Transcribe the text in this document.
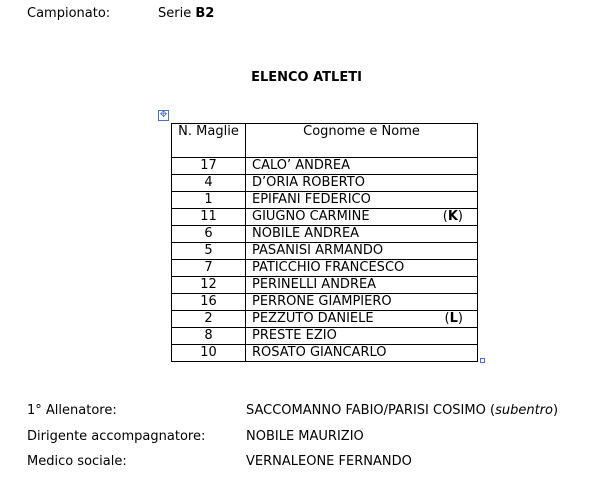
Campionato:	Serie B2
ELENCO ATLETI
✥
N. Maglie	Cognome e Nome
17	CALO’ ANDREA
4	D’ORIA ROBERTO
1	EPIFANI FEDERICO
11	GIUGNO CARMINE (K)

6	NOBILE ANDREA
5	PASANISI ARMANDO
7	PATICCHIO FRANCESCO
12	PERINELLI ANDREA
16	PERRONE GIAMPIERO
2	PEZZUTO DANIELE (L)

8	PRESTE EZIO
10	ROSATO GIANCARLO
1° Allenatore:	SACCOMANNO FABIO/PARISI COSIMO (subentro)
Dirigente accompagnatore:	NOBILE MAURIZIO
Medico sociale:	VERNALEONE FERNANDO
